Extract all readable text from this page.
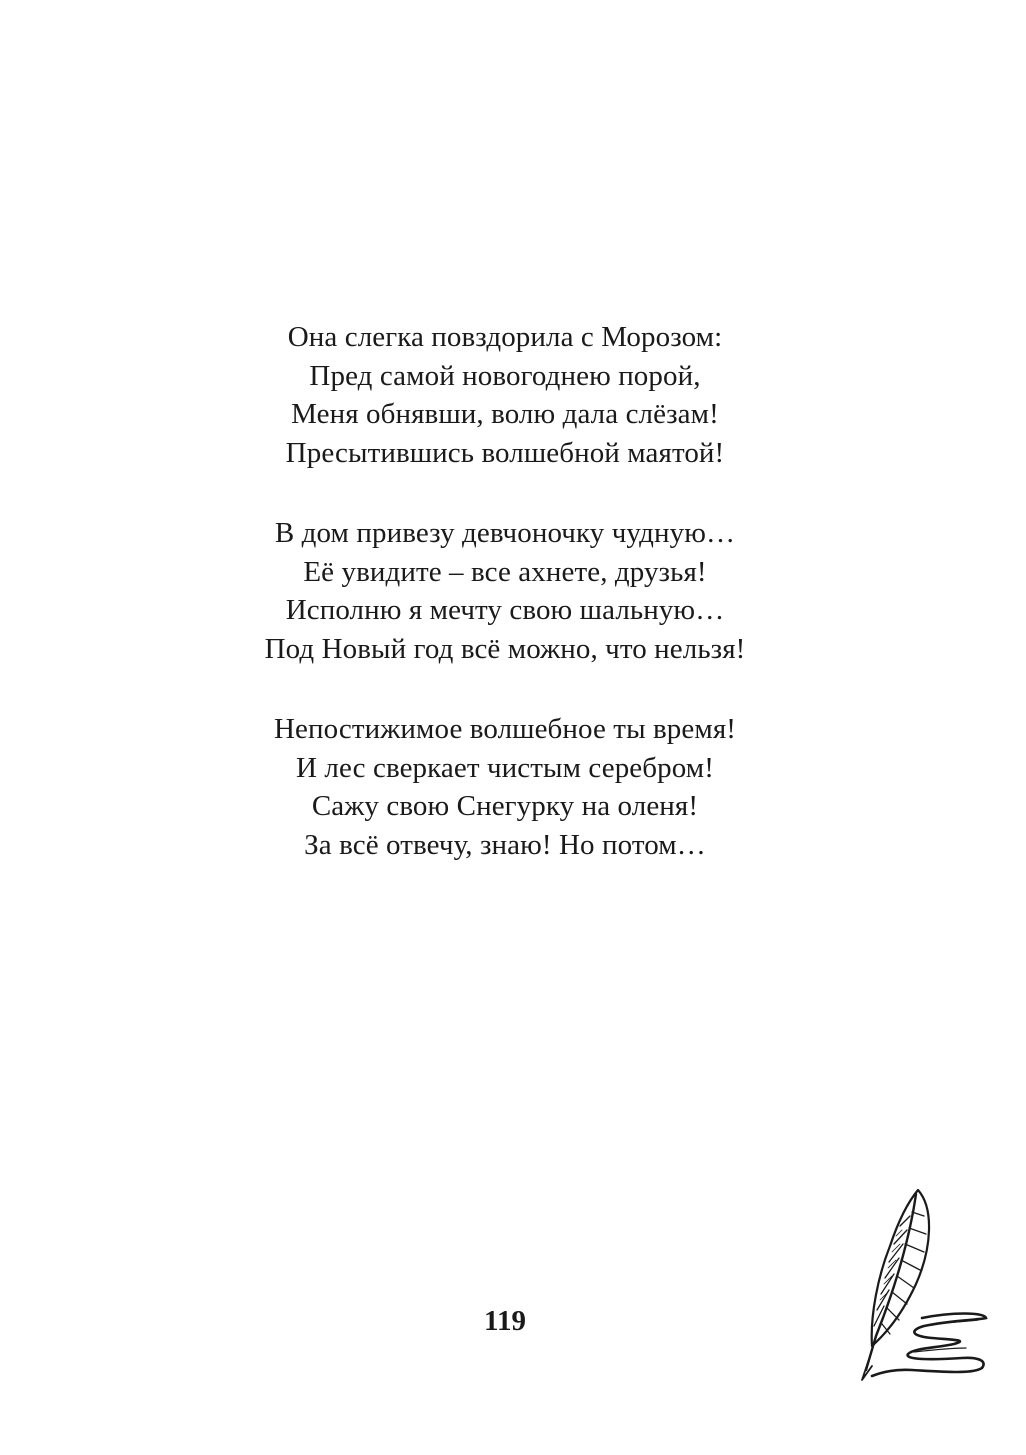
Она слегка повздорила с Морозом:
Пред самой новогоднею порой,
Меня обнявши, волю дала слёзам!
Пресытившись волшебной маятой!
В дом привезу девчоночку чудную…
Её увидите – все ахнете, друзья!
Исполню я мечту свою шальную…
Под Новый год всё можно, что нельзя!
Непостижимое волшебное ты время!
И лес сверкает чистым серебром!
Сажу свою Снегурку на оленя!
За всё отвечу, знаю! Но потом…
119
